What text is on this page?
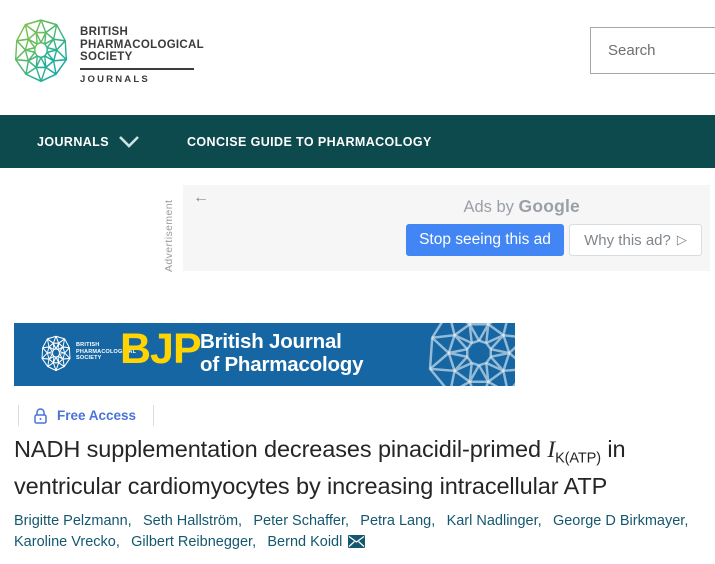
BRITISH
PHARMACOLOGICAL
SOCIETY
JOURNALS
Search
JOURNALS	CONCISE GUIDE TO PHARMACOLOGY
Advertisement
←
Ads by Google
Stop seeing this ad	Why this ad? ▷
BRITISH
PHARMACOLOGICAL
SOCIETY BJP British Journal
of Pharmacology
Free Access
NADH supplementation decreases pinacidil-primed $I_{K(ATP)}$ in ventricular cardiomyocytes by increasing intracellular ATP
Brigitte Pelzmann,  Seth Hallström,  Peter Schaffer,  Petra Lang,  Karl Nadlinger,  George D Birkmayer,  Karoline Vrecko,  Gilbert Reibnegger,  Bernd Koidl
